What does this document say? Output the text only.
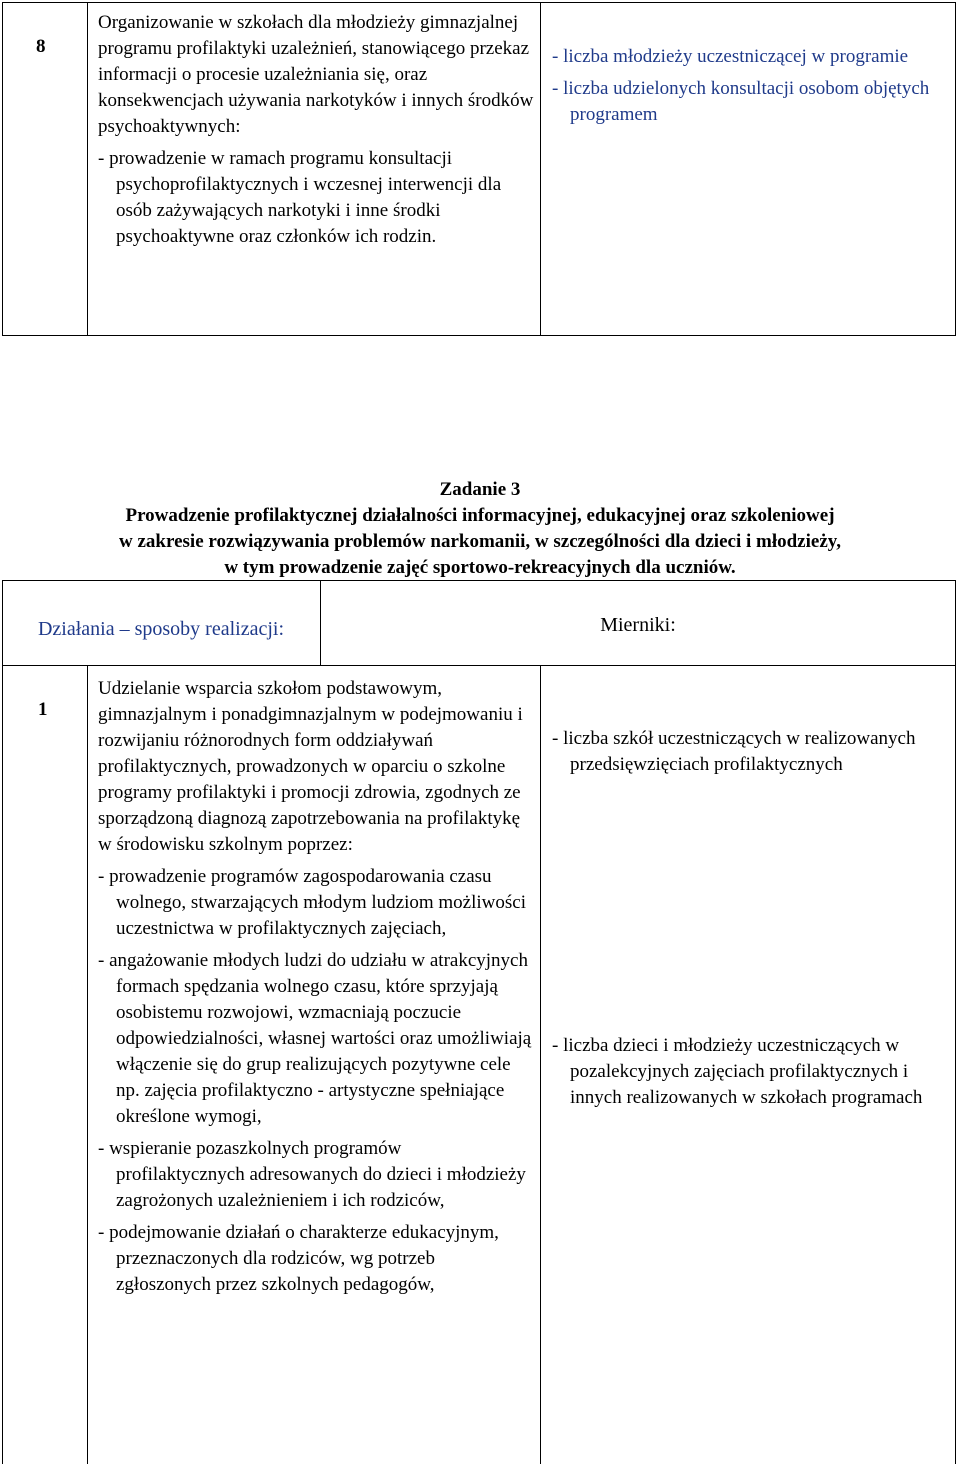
8

Organizowanie w szkołach dla młodzieży gimnazjalnej programu profilaktyki uzależnień, stanowiącego przekaz informacji o procesie uzależniania się, oraz konsekwencjach używania narkotyków i innych środków psychoaktywnych:

- prowadzenie w ramach programu konsultacji psychoprofilaktycznych i wczesnej interwencji dla osób zażywających narkotyki i inne środki psychoaktywne oraz członków ich rodzin.

- liczba młodzieży uczestniczącej w programie

- liczba udzielonych konsultacji osobom objętych programem

Zadanie 3

Prowadzenie profilaktycznej działalności informacyjnej, edukacyjnej oraz szkoleniowej

w zakresie rozwiązywania problemów narkomanii, w szczególności dla dzieci i młodzieży,

w tym prowadzenie zajęć sportowo-rekreacyjnych dla uczniów.

Działania – sposoby realizacji:	Mierniki:
1

Udzielanie wsparcia szkołom podstawowym, gimnazjalnym i ponadgimnazjalnym w podejmowaniu i rozwijaniu różnorodnych form oddziaływań profilaktycznych, prowadzonych w oparciu o szkolne programy profilaktyki i promocji zdrowia, zgodnych ze sporządzoną diagnozą zapotrzebowania na profilaktykę w środowisku szkolnym poprzez:

- prowadzenie programów zagospodarowania czasu wolnego, stwarzających młodym ludziom możliwości uczestnictwa w profilaktycznych zajęciach,

- angażowanie młodych ludzi do udziału w atrakcyjnych formach spędzania wolnego czasu, które sprzyjają osobistemu rozwojowi, wzmacniają poczucie odpowiedzialności, własnej wartości oraz umożliwiają włączenie się do grup realizujących pozytywne cele np. zajęcia profilaktyczno - artystyczne spełniające określone wymogi,

- wspieranie pozaszkolnych programów profilaktycznych adresowanych do dzieci i młodzieży zagrożonych uzależnieniem i ich rodziców,

- podejmowanie działań o charakterze edukacyjnym, przeznaczonych dla rodziców, wg potrzeb zgłoszonych przez szkolnych pedagogów,

- liczba szkół uczestniczących w realizowanych przedsięwzięciach profilaktycznych

- liczba dzieci i młodzieży uczestniczących w pozalekcyjnych zajęciach profilaktycznych i innych realizowanych w szkołach programach
